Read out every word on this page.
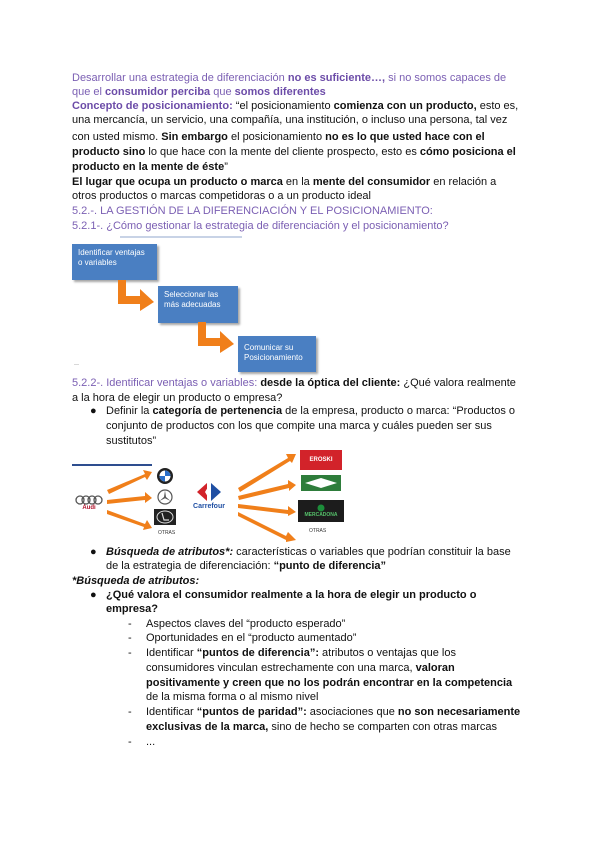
Desarrollar una estrategia de diferenciación no es suficiente…, si no somos capaces de
que el consumidor perciba que somos diferentes
Concepto de posicionamiento: “el posicionamiento comienza con un producto, esto es,
una mercancía, un servicio, una compañía, una institución, o incluso una persona, tal vez
con usted mismo. Sin embargo el posicionamiento no es lo que usted hace con el
producto sino lo que hace con la mente del cliente prospecto, esto es cómo posiciona el
producto en la mente de éste”
El lugar que ocupa un producto o marca en la mente del consumidor en relación a
otros productos o marcas competidoras o a un producto ideal
5.2.-. LA GESTIÓN DE LA DIFERENCIACIÓN Y EL POSICIONAMIENTO:
5.2.1-. ¿Cómo gestionar la estrategia de diferenciación y el posicionamiento?
Identificar ventajas o variables
Seleccionar las más adecuadas
Comunicar su Posicionamiento
—
5.2.2-. Identificar ventajas o variables: desde la óptica del cliente: ¿Qué valora realmente
a la hora de elegir un producto o empresa?
● Definir la categoría de pertenencia de la empresa, producto o marca: “Productos o
conjunto de productos con los que compite una marca y cuáles pueden ser sus
sustitutos”
Audi
OTRAS
Carrefour
EROSKI
MERCADONA
OTRAS
● Búsqueda de atributos*: características o variables que podrían constituir la base
de la estrategia de diferenciación: “punto de diferencia”
*Búsqueda de atributos:
● ¿Qué valora el consumidor realmente a la hora de elegir un producto o
empresa?
- Aspectos claves del “producto esperado”
- Oportunidades en el “producto aumentado”
- Identificar “puntos de diferencia”: atributos o ventajas que los
consumidores vinculan estrechamente con una marca, valoran
positivamente y creen que no los podrán encontrar en la competencia
de la misma forma o al mismo nivel
- Identificar “puntos de paridad”: asociaciones que no son necesariamente
exclusivas de la marca, sino de hecho se comparten con otras marcas
- ...
